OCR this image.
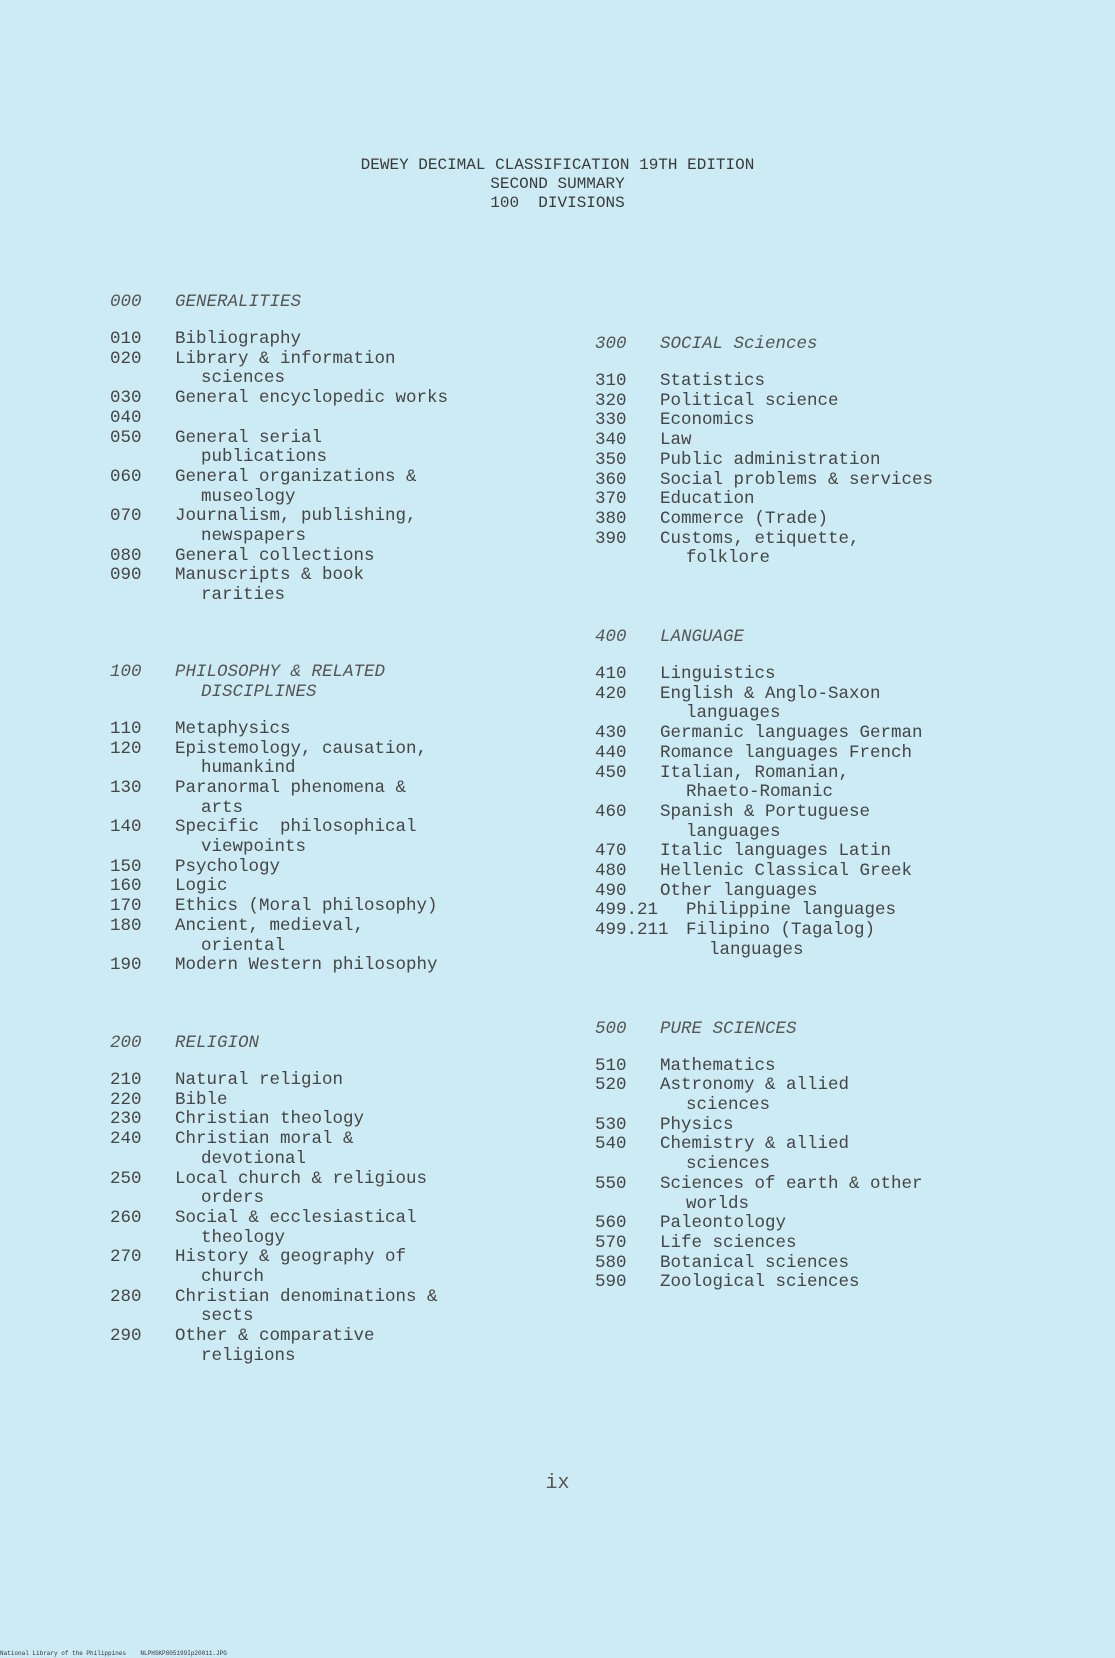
DEWEY DECIMAL CLASSIFICATION 19TH EDITION
SECOND SUMMARY
100  DIVISIONS
000	GENERALITIES
010	Bibliography
020	Library & information
sciences
030	General encyclopedic works
040

050	General serial
publications
060	General organizations &
museology
070	Journalism, publishing,
newspapers
080	General collections
090	Manuscripts & book
rarities
100	PHILOSOPHY & RELATED
DISCIPLINES
110	Metaphysics
120	Epistemology, causation,
humankind
130	Paranormal phenomena &
arts
140	Specific  philosophical
viewpoints
150	Psychology
160	Logic
170	Ethics (Moral philosophy)
180	Ancient, medieval,
oriental
190	Modern Western philosophy
200	RELIGION
210	Natural religion
220	Bible
230	Christian theology
240	Christian moral &
devotional
250	Local church & religious
orders
260	Social & ecclesiastical
theology
270	History & geography of
church
280	Christian denominations &
sects
290	Other & comparative
religions
300	SOCIAL Sciences
310	Statistics
320	Political science
330	Economics
340	Law
350	Public administration
360	Social problems & services
370	Education
380	Commerce (Trade)
390	Customs, etiquette,
folklore
400	LANGUAGE
410	Linguistics
420	English & Anglo-Saxon
languages
430	Germanic languages German
440	Romance languages French
450	Italian, Romanian,
Rhaeto-Romanic
460	Spanish & Portuguese
languages
470	Italic languages Latin
480	Hellenic Classical Greek
490	Other languages
499.21	Philippine languages
499.211 Filipino (Tagalog)
languages
500	PURE SCIENCES
510	Mathematics
520	Astronomy & allied
sciences
530	Physics
540	Chemistry & allied
sciences
550	Sciences of earth & other
worlds
560	Paleontology
570	Life sciences
580	Botanical sciences
590	Zoological sciences
ix
National Library of the Philippines    NLPHSKP805199Ip20011.JPG
